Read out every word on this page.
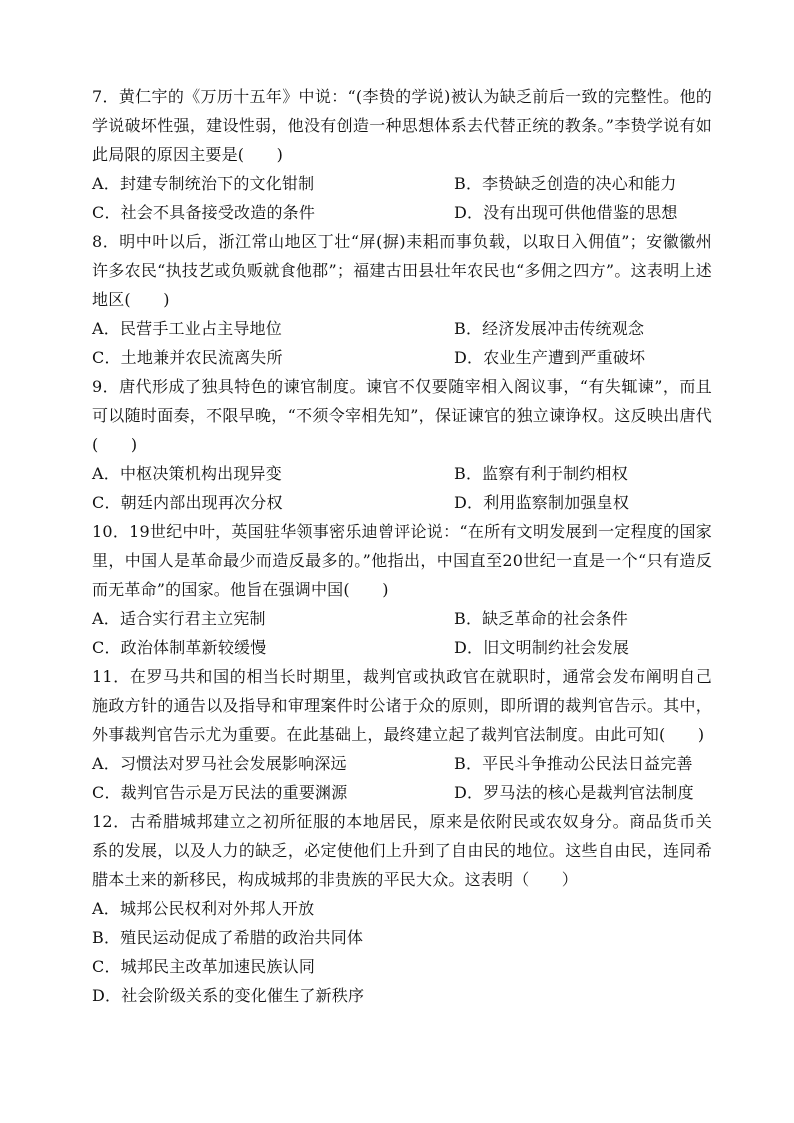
7．黄仁宇的《万历十五年》中说：“(李贽的学说)被认为缺乏前后一致的完整性。他的学说破坏性强，建设性弱，他没有创造一种思想体系去代替正统的教条。”李贽学说有如此局限的原因主要是(　　)

A．封建专制统治下的文化钳制	B．李贽缺乏创造的决心和能力
C．社会不具备接受改造的条件	D．没有出现可供他借鉴的思想

8．明中叶以后，浙江常山地区丁壮“屏(摒)耒耜而事负载，以取日入佣值”；安徽徽州许多农民“执技艺或负贩就食他郡”；福建古田县壮年农民也“多佣之四方”。这表明上述地区(　　)

A．民营手工业占主导地位	B．经济发展冲击传统观念
C．土地兼并农民流离失所	D．农业生产遭到严重破坏

9．唐代形成了独具特色的谏官制度。谏官不仅要随宰相入阁议事，“有失辄谏”，而且可以随时面奏，不限早晚，“不须令宰相先知”，保证谏官的独立谏诤权。这反映出唐代(　　)

A．中枢决策机构出现异变	B．监察有利于制约相权
C．朝廷内部出现再次分权	D．利用监察制加强皇权

10．19世纪中叶，英国驻华领事密乐迪曾评论说：“在所有文明发展到一定程度的国家里，中国人是革命最少而造反最多的。”他指出，中国直至20世纪一直是一个“只有造反而无革命”的国家。他旨在强调中国(　　)

A．适合实行君主立宪制	B．缺乏革命的社会条件
C．政治体制革新较缓慢	D．旧文明制约社会发展

11．在罗马共和国的相当长时期里，裁判官或执政官在就职时，通常会发布阐明自己施政方针的通告以及指导和审理案件时公诸于众的原则，即所谓的裁判官告示。其中，外事裁判官告示尤为重要。在此基础上，最终建立起了裁判官法制度。由此可知(　　)

A．习惯法对罗马社会发展影响深远	B．平民斗争推动公民法日益完善
C．裁判官告示是万民法的重要渊源	D．罗马法的核心是裁判官法制度

12．古希腊城邦建立之初所征服的本地居民，原来是依附民或农奴身分。商品货币关系的发展，以及人力的缺乏，必定使他们上升到了自由民的地位。这些自由民，连同希腊本土来的新移民，构成城邦的非贵族的平民大众。这表明（　　）

A．城邦公民权利对外邦人开放
B．殖民运动促成了希腊的政治共同体
C．城邦民主改革加速民族认同
D．社会阶级关系的变化催生了新秩序
